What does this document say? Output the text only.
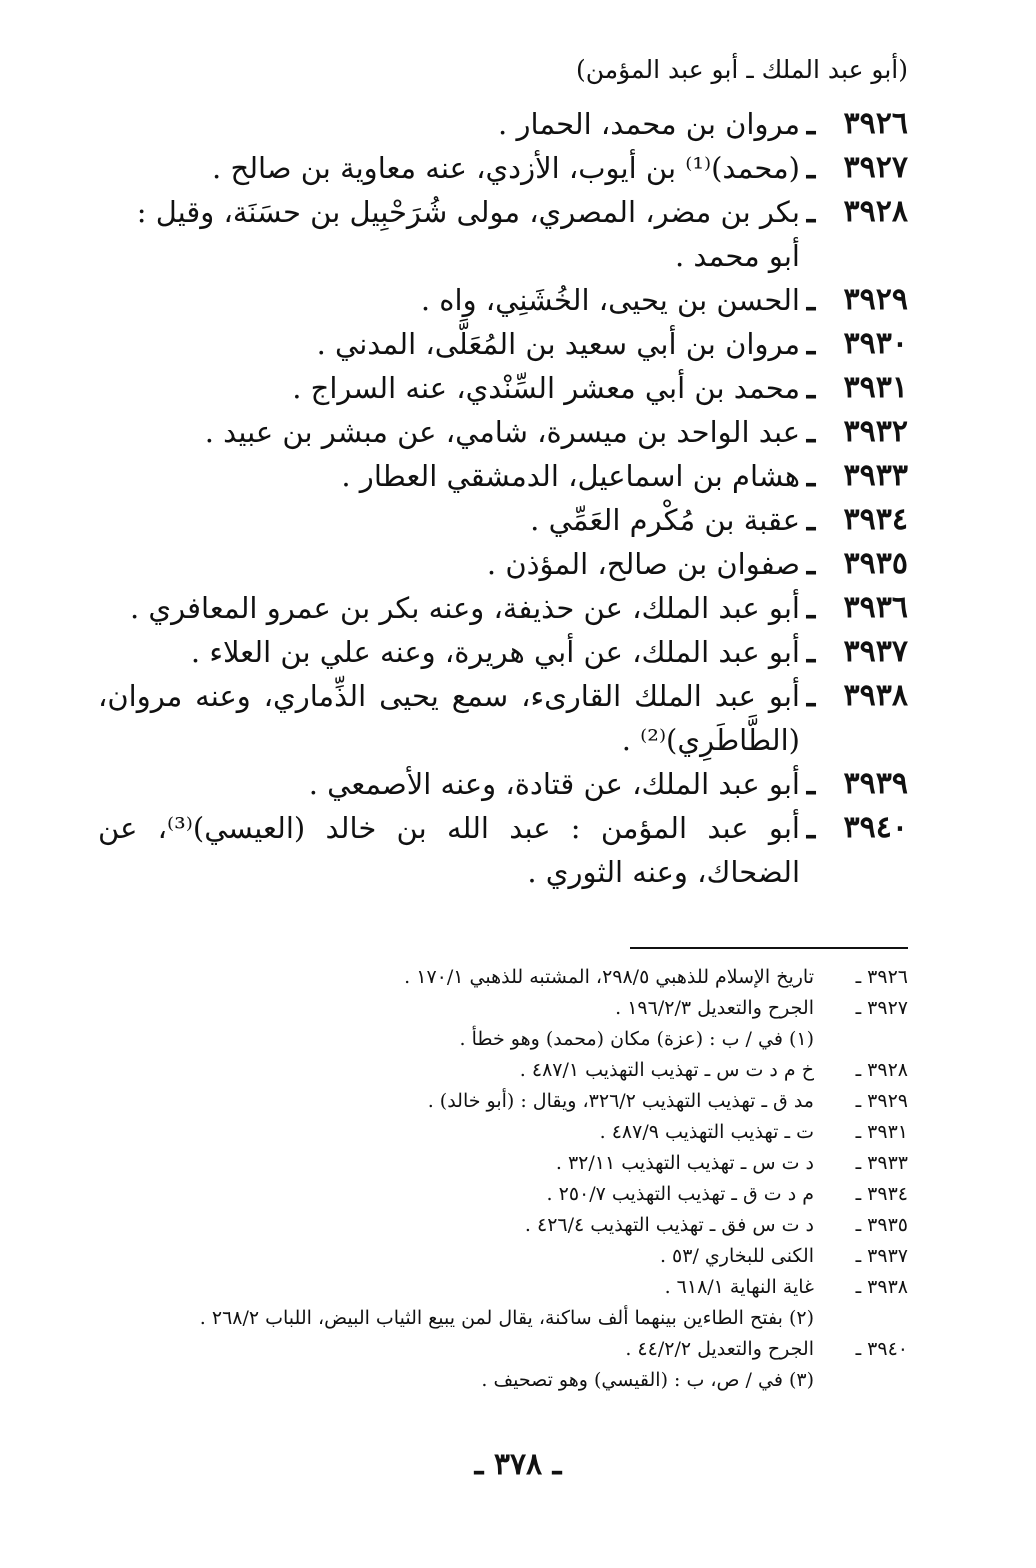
(أبو عبد الملك ـ أبو عبد المؤمن)
٣٩٢٦
ـ
مروان بن محمد، الحمار .
٣٩٢٧
ـ
(محمد)⁽¹⁾ بن أيوب، الأزدي، عنه معاوية بن صالح .
٣٩٢٨
ـ
بكر بن مضر، المصري، مولى شُرَحْبِيل بن حسَنَة، وقيل : أبو محمد .
٣٩٢٩
ـ
الحسن بن يحيى، الخُشَنِي، واه .
٣٩٣٠
ـ
مروان بن أبي سعيد بن المُعَلَّى، المدني .
٣٩٣١
ـ
محمد بن أبي معشر السِّنْدي، عنه السراج .
٣٩٣٢
ـ
عبد الواحد بن ميسرة، شامي، عن مبشر بن عبيد .
٣٩٣٣
ـ
هشام بن اسماعيل، الدمشقي العطار .
٣٩٣٤
ـ
عقبة بن مُكْرم العَمِّي .
٣٩٣٥
ـ
صفوان بن صالح، المؤذن .
٣٩٣٦
ـ
أبو عبد الملك، عن حذيفة، وعنه بكر بن عمرو المعافري .
٣٩٣٧
ـ
أبو عبد الملك، عن أبي هريرة، وعنه علي بن العلاء .
٣٩٣٨
ـ
أبو عبد الملك القارىء، سمع يحيى الذِّماري، وعنه مروان، (الطَّاطَرِي)⁽²⁾ .
٣٩٣٩
ـ
أبو عبد الملك، عن قتادة، وعنه الأصمعي .
٣٩٤٠
ـ
أبو عبد المؤمن : عبد الله بن خالد (العيسي)⁽³⁾، عن الضحاك، وعنه الثوري .
٣٩٢٦ ـ
تاريخ الإسلام للذهبي ٢٩٨/٥، المشتبه للذهبي ١٧٠/١ .
٣٩٢٧ ـ
الجرح والتعديل ١٩٦/٢/٣ .
(١) في / ب : (عزة) مكان (محمد) وهو خطأ .
٣٩٢٨ ـ
خ م د ت س ـ تهذيب التهذيب ٤٨٧/١ .
٣٩٢٩ ـ
مد ق ـ تهذيب التهذيب ٣٢٦/٢، ويقال : (أبو خالد) .
٣٩٣١ ـ
ت ـ تهذيب التهذيب ٤٨٧/٩ .
٣٩٣٣ ـ
د ت س ـ تهذيب التهذيب ٣٢/١١ .
٣٩٣٤ ـ
م د ت ق ـ تهذيب التهذيب ٢٥٠/٧ .
٣٩٣٥ ـ
د ت س فق ـ تهذيب التهذيب ٤٢٦/٤ .
٣٩٣٧ ـ
الكنى للبخاري /٥٣ .
٣٩٣٨ ـ
غاية النهاية ٦١٨/١ .
(٢) بفتح الطاءين بينهما ألف ساكنة، يقال لمن يبيع الثياب البيض، اللباب ٢٦٨/٢ .
٣٩٤٠ ـ
الجرح والتعديل ٤٤/٢/٢ .
(٣) في / ص، ب : (القيسي) وهو تصحيف .
ـ ٣٧٨ ـ
